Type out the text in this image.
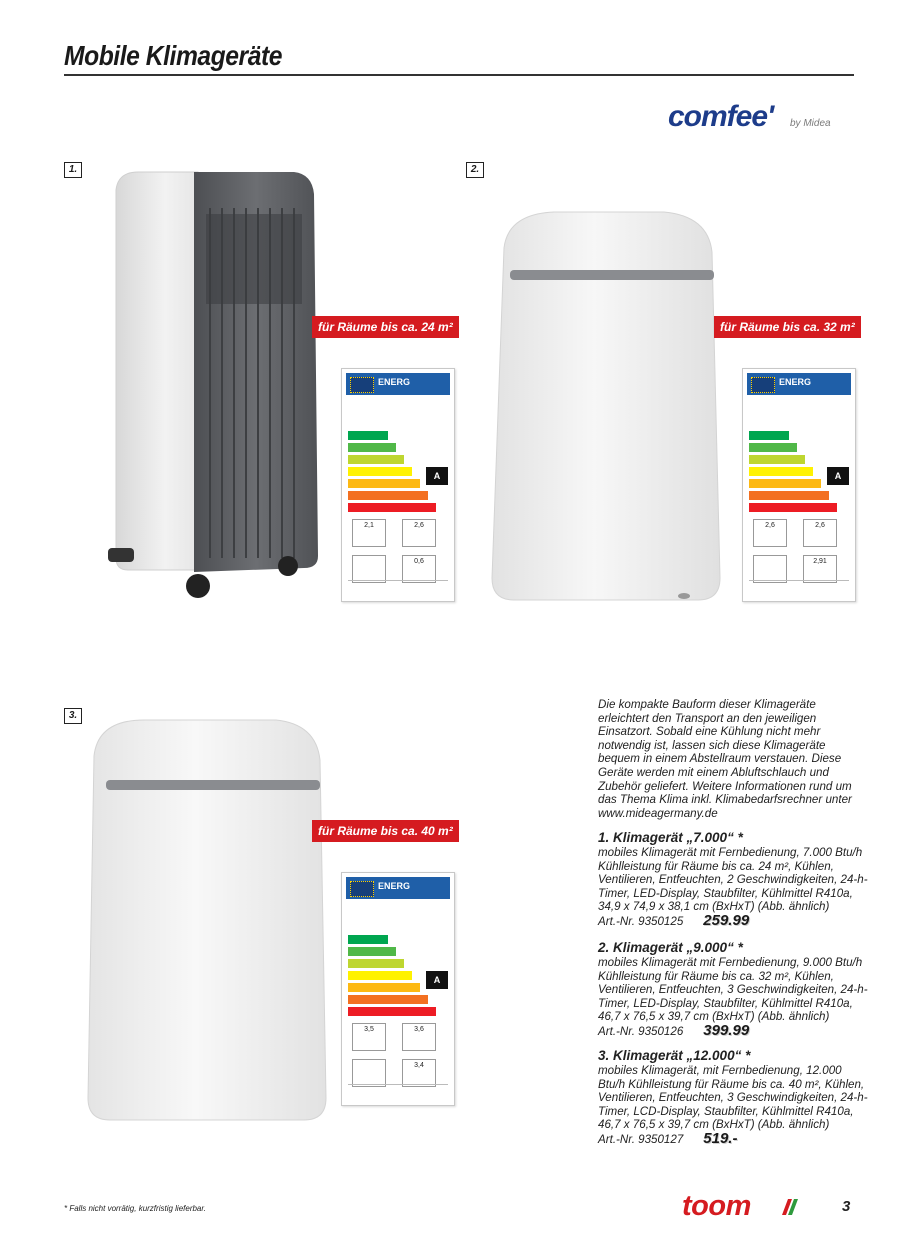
Mobile Klimageräte
comfee' by Midea
1.
für Räume bis ca. 24 m²
ENERG
A
2,1	2,6
0,6
2.
für Räume bis ca. 32 m²
ENERG
A
2,6	2,6
2,91
3.
für Räume bis ca. 40 m²
ENERG
A
3,5	3,6
3,4
Die kompakte Bauform dieser Klimageräte erleichtert den Transport an den jeweiligen Einsatzort. Sobald eine Kühlung nicht mehr notwendig ist, lassen sich diese Klimageräte bequem in einem Abstellraum verstauen. Diese Geräte werden mit einem Abluftschlauch und Zubehör geliefert. Weitere Informationen rund um das Thema Klima inkl. Klimabedarfsrechner unter www.mideagermany.de
1. Klimagerät „7.000“ *
mobiles Klimagerät mit Fernbedienung, 7.000 Btu/h Kühlleistung für Räume bis ca. 24 m², Kühlen, Ventilieren, Entfeuchten, 2 Geschwindigkeiten, 24-h-Timer, LED-Display, Staubfilter, Kühlmittel R410a, 34,9 x 74,9 x 38,1 cm (BxHxT) (Abb. ähnlich)
Art.-Nr. 9350125 259.99
2. Klimagerät „9.000“ *
mobiles Klimagerät mit Fernbedienung, 9.000 Btu/h Kühlleistung für Räume bis ca. 32 m², Kühlen, Ventilieren, Entfeuchten, 3 Geschwindigkeiten, 24-h-Timer, LED-Display, Staubfilter, Kühlmittel R410a, 46,7 x 76,5 x 39,7 cm (BxHxT) (Abb. ähnlich)
Art.-Nr. 9350126 399.99
3. Klimagerät „12.000“ *
mobiles Klimagerät, mit Fernbedienung, 12.000 Btu/h Kühlleistung für Räume bis ca. 40 m², Kühlen, Ventilieren, Entfeuchten, 3 Geschwindigkeiten, 24-h-Timer, LCD-Display, Staubfilter, Kühlmittel R410a, 46,7 x 76,5 x 39,7 cm (BxHxT) (Abb. ähnlich)
Art.-Nr. 9350127 519.-
* Falls nicht vorrätig, kurzfristig lieferbar.	toom	3
